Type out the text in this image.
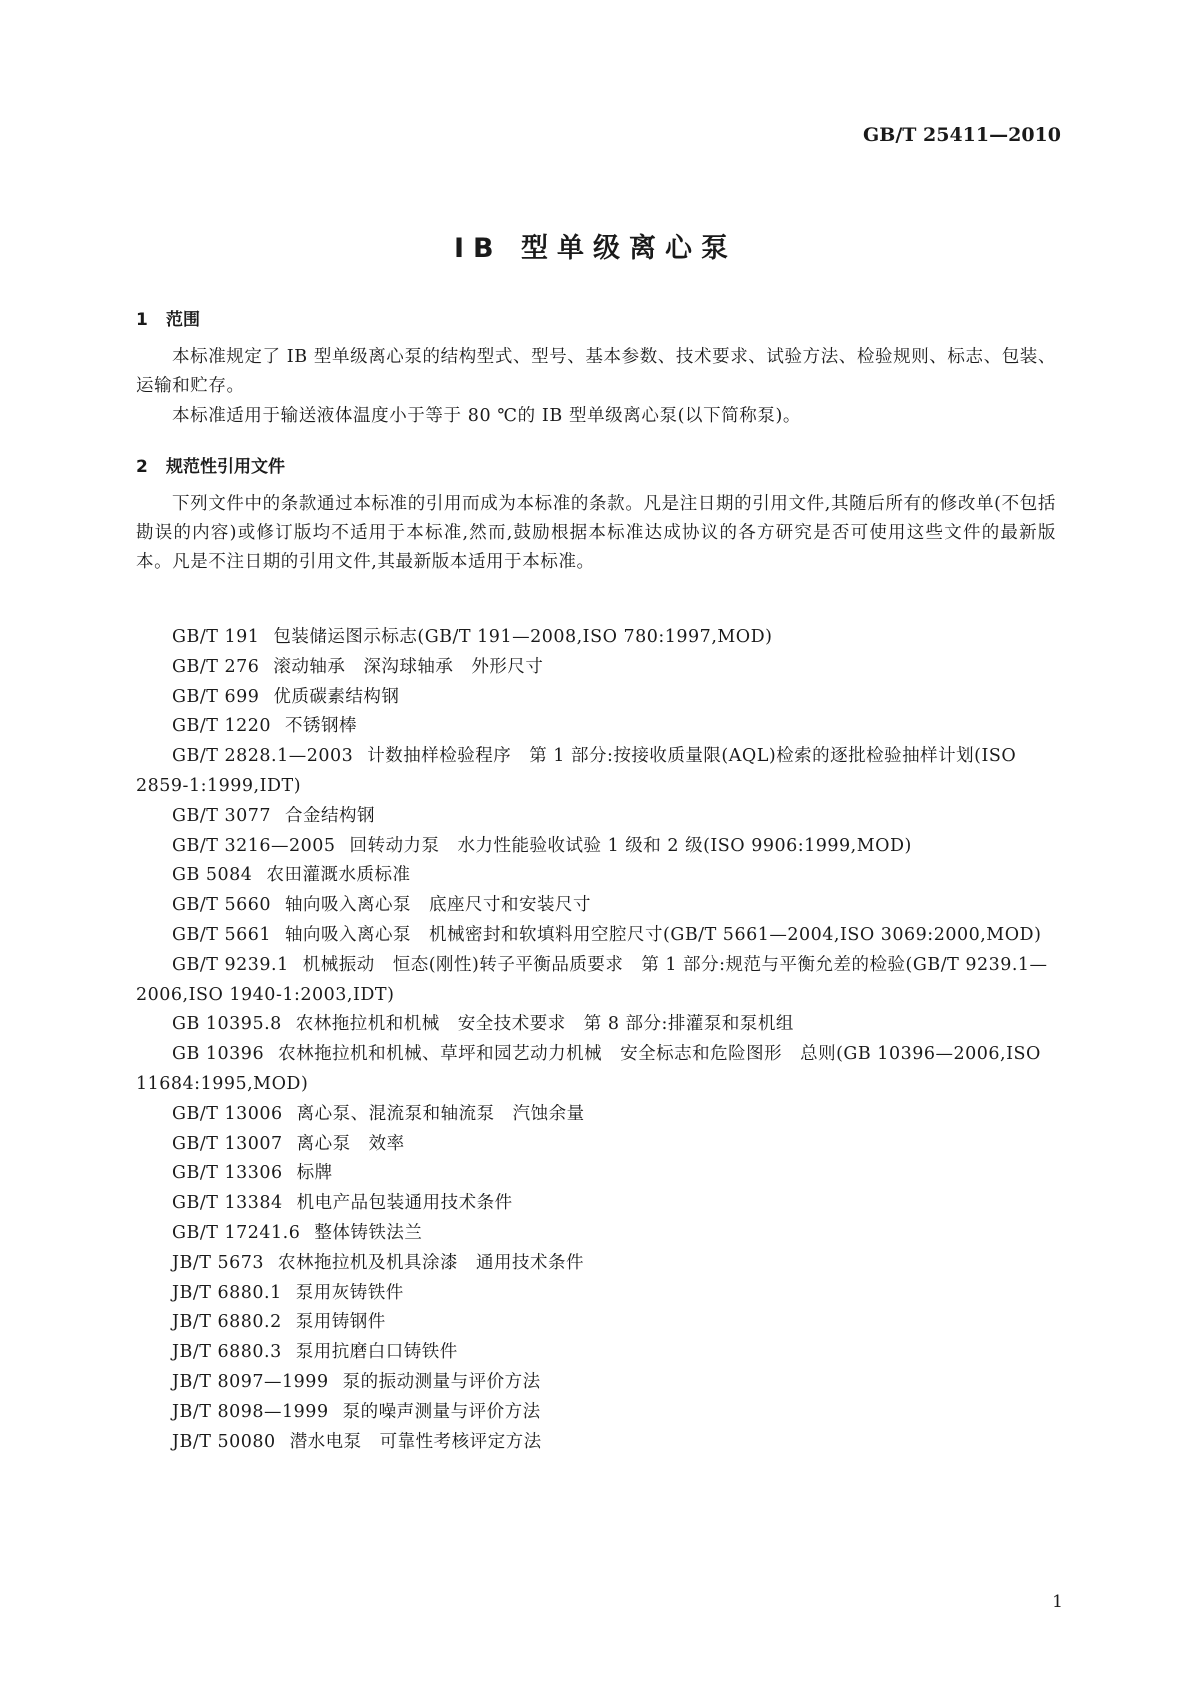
GB/T 25411—2010
IB 型单级离心泵
1 范围

本标准规定了 IB 型单级离心泵的结构型式、型号、基本参数、技术要求、试验方法、检验规则、标志、包装、运输和贮存。

本标准适用于输送液体温度小于等于 80 ℃的 IB 型单级离心泵(以下简称泵)。

2 规范性引用文件

下列文件中的条款通过本标准的引用而成为本标准的条款。凡是注日期的引用文件,其随后所有的修改单(不包括勘误的内容)或修订版均不适用于本标准,然而,鼓励根据本标准达成协议的各方研究是否可使用这些文件的最新版本。凡是不注日期的引用文件,其最新版本适用于本标准。

GB/T 191 包装储运图示标志(GB/T 191—2008,ISO 780:1997,MOD)
GB/T 276 滚动轴承　深沟球轴承　外形尺寸
GB/T 699 优质碳素结构钢
GB/T 1220 不锈钢棒
GB/T 2828.1—2003 计数抽样检验程序　第 1 部分:按接收质量限(AQL)检索的逐批检验抽样计划(ISO 2859-1:1999,IDT)
GB/T 3077 合金结构钢
GB/T 3216—2005 回转动力泵　水力性能验收试验 1 级和 2 级(ISO 9906:1999,MOD)
GB 5084 农田灌溉水质标准
GB/T 5660 轴向吸入离心泵　底座尺寸和安装尺寸
GB/T 5661 轴向吸入离心泵　机械密封和软填料用空腔尺寸(GB/T 5661—2004,ISO 3069:2000,MOD)
GB/T 9239.1 机械振动　恒态(刚性)转子平衡品质要求　第 1 部分:规范与平衡允差的检验(GB/T 9239.1—2006,ISO 1940-1:2003,IDT)
GB 10395.8 农林拖拉机和机械　安全技术要求　第 8 部分:排灌泵和泵机组
GB 10396 农林拖拉机和机械、草坪和园艺动力机械　安全标志和危险图形　总则(GB 10396—2006,ISO 11684:1995,MOD)
GB/T 13006 离心泵、混流泵和轴流泵　汽蚀余量
GB/T 13007 离心泵　效率
GB/T 13306 标牌
GB/T 13384 机电产品包装通用技术条件
GB/T 17241.6 整体铸铁法兰
JB/T 5673 农林拖拉机及机具涂漆　通用技术条件
JB/T 6880.1 泵用灰铸铁件
JB/T 6880.2 泵用铸钢件
JB/T 6880.3 泵用抗磨白口铸铁件
JB/T 8097—1999 泵的振动测量与评价方法
JB/T 8098—1999 泵的噪声测量与评价方法
JB/T 50080 潜水电泵　可靠性考核评定方法
1
